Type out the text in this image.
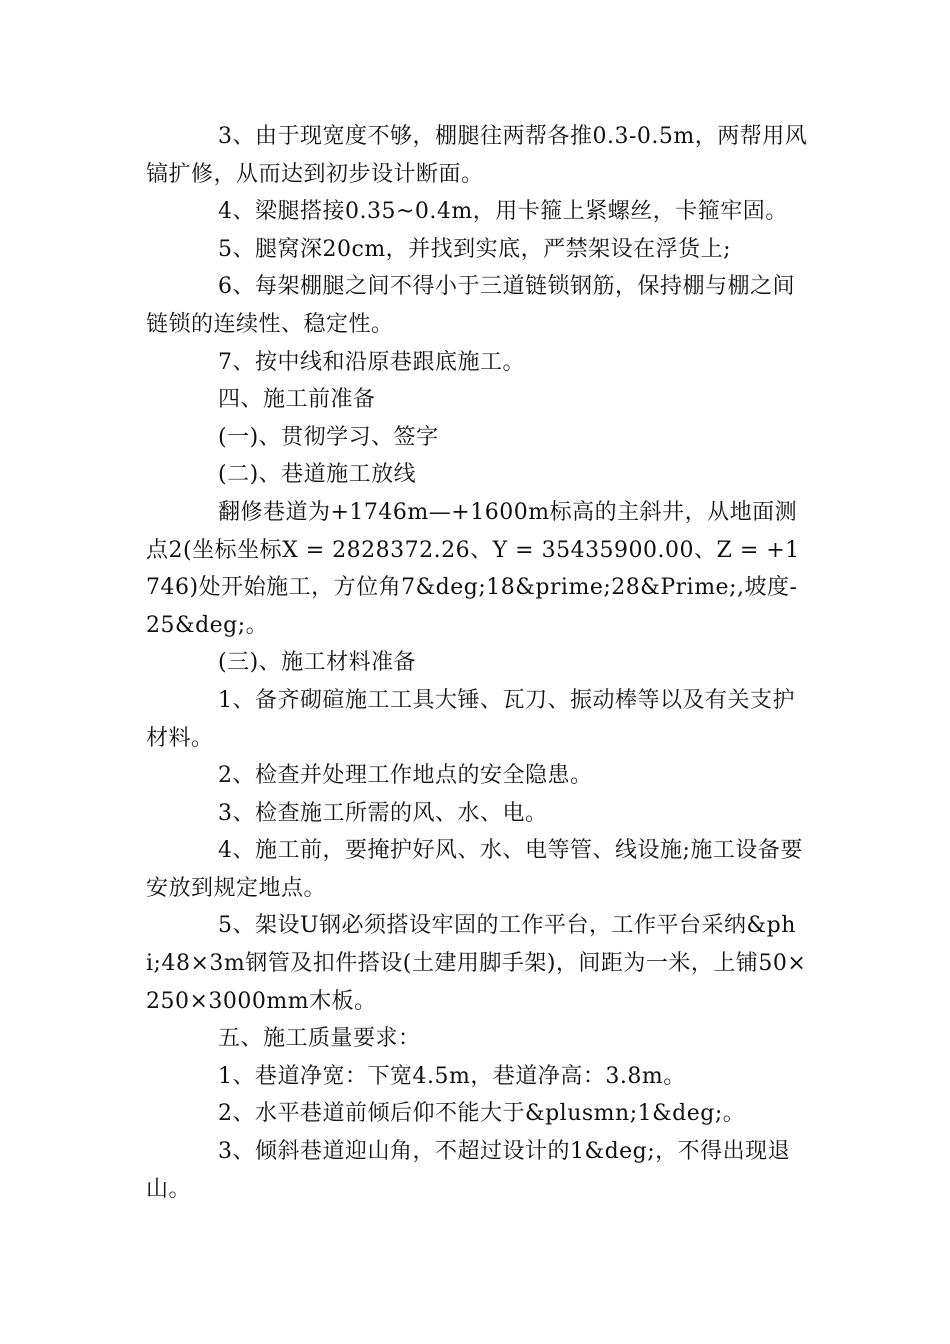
3、由于现宽度不够，棚腿往两帮各推0.3-0.5m，两帮用风镐扩修，从而达到初步设计断面。

4、梁腿搭接0.35~0.4m，用卡箍上紧螺丝，卡箍牢固。

5、腿窝深20cm，并找到实底，严禁架设在浮货上;

6、每架棚腿之间不得小于三道链锁钢筋，保持棚与棚之间链锁的连续性、稳定性。

7、按中线和沿原巷跟底施工。

四、施工前准备

(一)、贯彻学习、签字

(二)、巷道施工放线

翻修巷道为+1746m—+1600m标高的主斜井，从地面测点2(坐标坐标X = 2828372.26、Y = 35435900.00、Z = +1746)处开始施工，方位角7&deg;18&prime;28&Prime;,坡度-25&deg;。

(三)、施工材料准备

1、备齐砌碹施工工具大锤、瓦刀、振动棒等以及有关支护材料。

2、检查并处理工作地点的安全隐患。

3、检查施工所需的风、水、电。

4、施工前，要掩护好风、水、电等管、线设施;施工设备要安放到规定地点。

5、架设U钢必须搭设牢固的工作平台，工作平台采纳&phi;48×3m钢管及扣件搭设(土建用脚手架)，间距为一米，上铺50×250×3000mm木板。

五、施工质量要求：

1、巷道净宽：下宽4.5m，巷道净高：3.8m。

2、水平巷道前倾后仰不能大于&plusmn;1&deg;。

3、倾斜巷道迎山角，不超过设计的1&deg;，不得出现退山。
